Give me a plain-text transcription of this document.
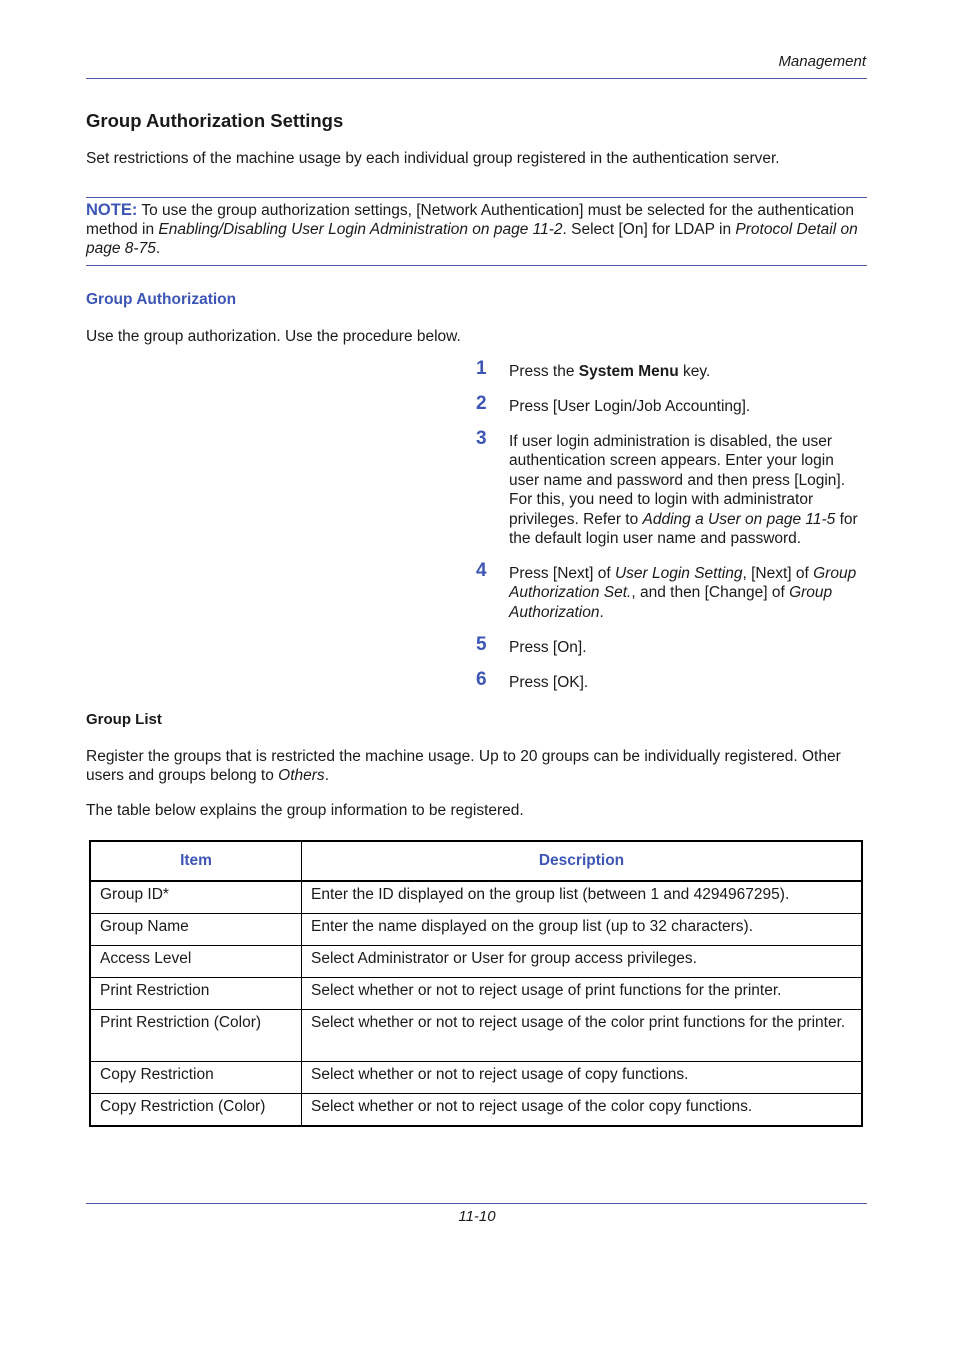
Management
Group Authorization Settings
Set restrictions of the machine usage by each individual group registered in the authentication server.
NOTE: To use the group authorization settings, [Network Authentication] must be selected for the authentication method in Enabling/Disabling User Login Administration on page 11-2. Select [On] for LDAP in Protocol Detail on page 8-75.
Group Authorization
Use the group authorization. Use the procedure below.
1 Press the System Menu key.
2 Press [User Login/Job Accounting].
3 If user login administration is disabled, the user authentication screen appears. Enter your login user name and password and then press [Login]. For this, you need to login with administrator privileges. Refer to Adding a User on page 11-5 for the default login user name and password.
4 Press [Next] of User Login Setting, [Next] of Group Authorization Set., and then [Change] of Group Authorization.
5 Press [On].
6 Press [OK].
Group List
Register the groups that is restricted the machine usage. Up to 20 groups can be individually registered. Other users and groups belong to Others.
The table below explains the group information to be registered.
Item	Description
Group ID*	Enter the ID displayed on the group list (between 1 and 4294967295).
Group Name	Enter the name displayed on the group list (up to 32 characters).
Access Level	Select Administrator or User for group access privileges.
Print Restriction	Select whether or not to reject usage of print functions for the printer.
Print Restriction (Color)	Select whether or not to reject usage of the color print functions for the printer.
Copy Restriction	Select whether or not to reject usage of copy functions.
Copy Restriction (Color)	Select whether or not to reject usage of the color copy functions.
11-10
